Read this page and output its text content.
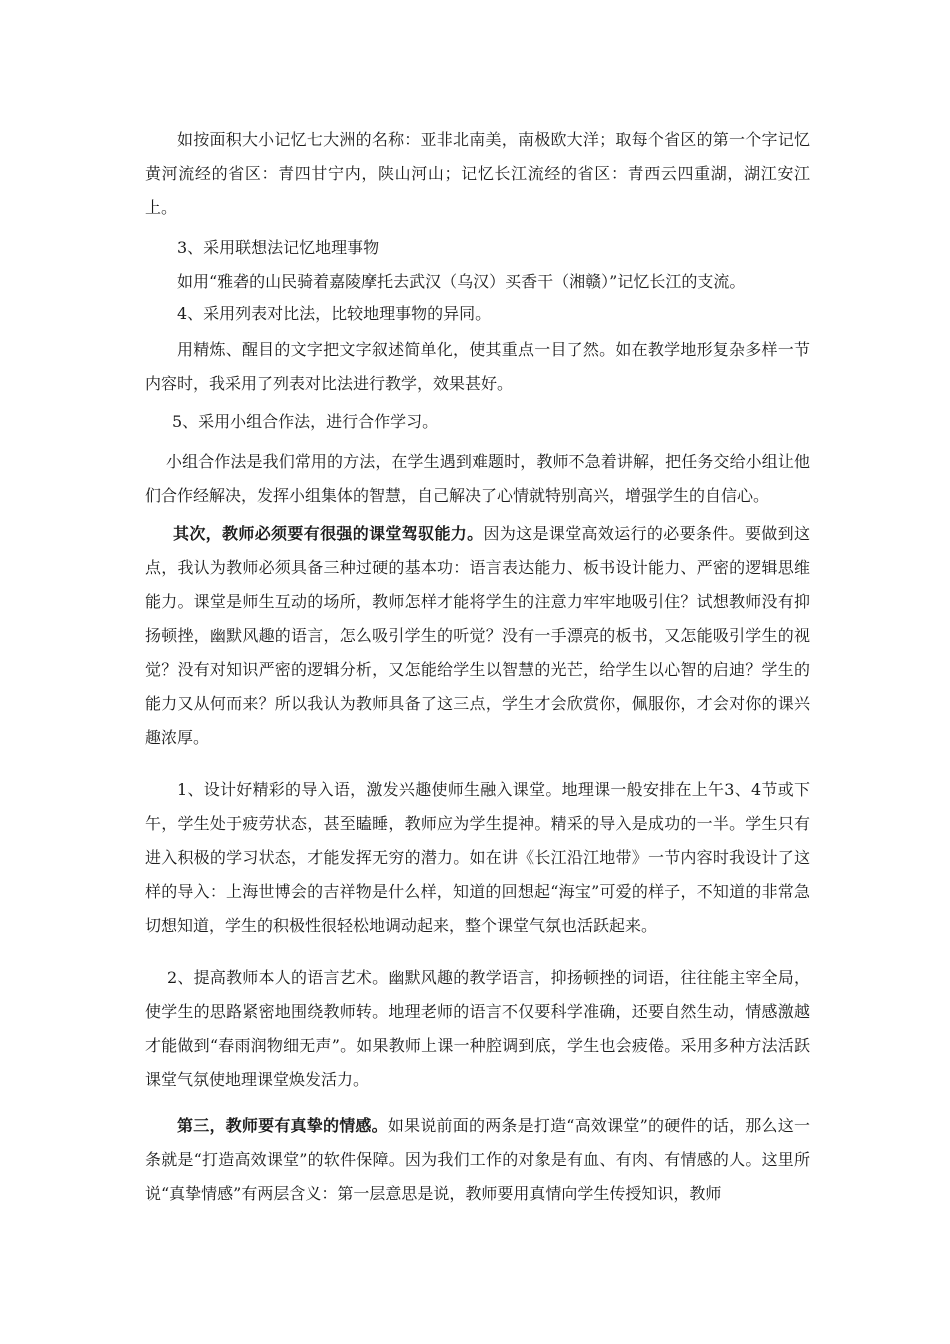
如按面积大小记忆七大洲的名称：亚非北南美，南极欧大洋；取每个省区的第一个字记忆黄河流经的省区：青四甘宁内，陕山河山；记忆长江流经的省区：青西云四重湖，湖江安江上。

3、采用联想法记忆地理事物

如用“雅砻的山民骑着嘉陵摩托去武汉（乌汉）买香干（湘赣）”记忆长江的支流。

4、采用列表对比法，比较地理事物的异同。

用精炼、醒目的文字把文字叙述简单化，使其重点一目了然。如在教学地形复杂多样一节内容时，我采用了列表对比法进行教学，效果甚好。

5、采用小组合作法，进行合作学习。

小组合作法是我们常用的方法，在学生遇到难题时，教师不急着讲解，把任务交给小组让他们合作经解决，发挥小组集体的智慧，自己解决了心情就特别高兴，增强学生的自信心。

其次，教师必须要有很强的课堂驾驭能力。因为这是课堂高效运行的必要条件。要做到这点，我认为教师必须具备三种过硬的基本功：语言表达能力、板书设计能力、严密的逻辑思维能力。课堂是师生互动的场所，教师怎样才能将学生的注意力牢牢地吸引住？试想教师没有抑扬顿挫，幽默风趣的语言，怎么吸引学生的听觉？没有一手漂亮的板书，又怎能吸引学生的视觉？没有对知识严密的逻辑分析，又怎能给学生以智慧的光芒，给学生以心智的启迪？学生的能力又从何而来？所以我认为教师具备了这三点，学生才会欣赏你，佩服你，才会对你的课兴趣浓厚。

1、设计好精彩的导入语，激发兴趣使师生融入课堂。地理课一般安排在上午3、4节或下午，学生处于疲劳状态，甚至瞌睡，教师应为学生提神。精采的导入是成功的一半。学生只有进入积极的学习状态，才能发挥无穷的潜力。如在讲《长江沿江地带》一节内容时我设计了这样的导入：上海世博会的吉祥物是什么样，知道的回想起“海宝”可爱的样子，不知道的非常急切想知道，学生的积极性很轻松地调动起来，整个课堂气氛也活跃起来。

2、提高教师本人的语言艺术。幽默风趣的教学语言，抑扬顿挫的词语，往往能主宰全局，使学生的思路紧密地围绕教师转。地理老师的语言不仅要科学准确，还要自然生动，情感激越才能做到“春雨润物细无声”。如果教师上课一种腔调到底，学生也会疲倦。采用多种方法活跃课堂气氛使地理课堂焕发活力。

第三，教师要有真挚的情感。如果说前面的两条是打造“高效课堂”的硬件的话，那么这一条就是“打造高效课堂”的软件保障。因为我们工作的对象是有血、有肉、有情感的人。这里所说“真挚情感”有两层含义：第一层意思是说，教师要用真情向学生传授知识，教师
